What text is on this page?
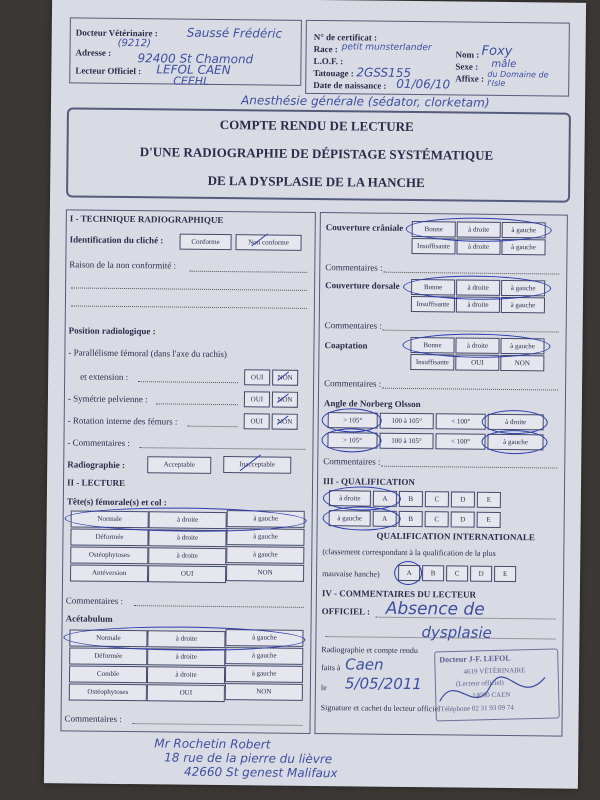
Docteur Vétérinaire : Saussé Frédéric
Adresse :
(9212)
92400 St Chamond
Lecteur Officiel : LEFOL CAEN
CEEHL
N° de certificat :
Race : petit munsterlander
L.O.F. :
Tatouage : 2GSS155
Date de naissance : 01/06/10
Nom : Foxy
Sexe : mâle
Affixe : du Domaine de l'Isle
Anesthésie générale (sédator, clorketam)
COMPTE RENDU DE LECTURE
D'UNE RADIOGRAPHIE DE DÉPISTAGE SYSTÉMATIQUE
DE LA DYSPLASIE DE LA HANCHE
I - TECHNIQUE RADIOGRAPHIQUE
Identification du cliché :	Conforme	Non conforme
Raison de la non conformité :
Position radiologique :
- Parallélisme fémoral (dans l'axe du rachis)
et extension :	OUI	NON
- Symétrie pelvienne :	OUI	NON
- Rotation interne des fémurs :	OUI	NON
- Commentaires :
Radiographie :	Acceptable	Inacceptable
II - LECTURE
Tête(s) fémorale(s) et col :
Normale	à droite	à gauche
Déformée	à droite	à gauche
Ostéophytoses	à droite	à gauche
Antéversion	OUI	NON
Commentaires :
Acétabulum
Normale	à droite	à gauche
Déformée	à droite	à gauche
Comble	à droite	à gauche
Ostéophytoses	OUI	NON
Commentaires :
Couverture crâniale	Bonne	à droite	à gauche
Insuffisante	à droite	à gauche
Commentaires :
Couverture dorsale	Bonne	à droite	à gauche
Insuffisante	à droite	à gauche
Commentaires :
Coaptation	Bonne	à droite	à gauche
Insuffisante	OUI	NON
Commentaires :
Angle de Norberg Olsson
> 105°	100 à 105°	< 100°	à droite
> 105°	100 à 105°	< 100°	à gauche
Commentaires :
III - QUALIFICATION
à droite	A	B	C	D	E
à gauche	A	B	C	D	E
QUALIFICATION INTERNATIONALE
(classement correspondant à la qualification de la plus
mauvaise hanche)	A	B	C	D	E
IV - COMMENTAIRES DU LECTEUR
OFFICIEL : Absence de
dysplasie
Radiographie et compte rendu
faits à Caen
le 5/05/2011
Signature et cachet du lecteur officiel
Docteur J-F. LEFOL
4619 VÉTÉRINAIRE
(Lecteur officiel)
14000 CAEN
Téléphone 02 31 93 09 74
Mr Rochetin Robert
18 rue de la pierre du lièvre
42660 St genest Malifaux
